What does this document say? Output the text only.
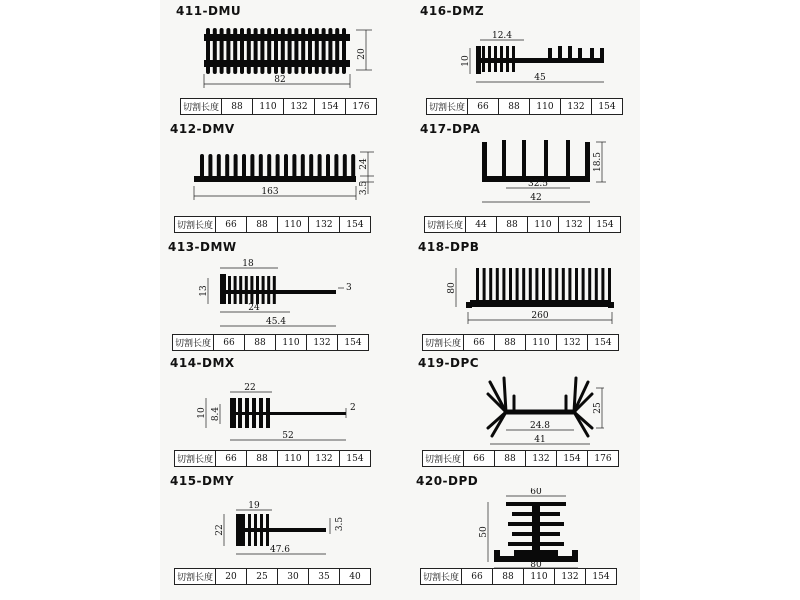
411-DMU
20
82
切割长度	88	110	132	154	176
412-DMV
24
3.5
163
切割长度	66	88	110	132	154
413-DMW
18
13	3
24
45.4
切割长度	66	88	110	132	154
414-DMX
22
10 8.4	2
52
切割长度	66	88	110	132	154
415-DMY
19
22	3.5
47.6
切割长度	20	25	30	35	40
416-DMZ
12.4
10
45
切割长度	66	88	110	132	154
417-DPA
18.5
32.5
42
切割长度	44	88	110	132	154
418-DPB
80
260
切割长度	66	88	110	132	154
419-DPC
25
24.8
41
切割长度	66	88	132	154	176
420-DPD
60
50
80
切割长度	66	88	110	132	154
